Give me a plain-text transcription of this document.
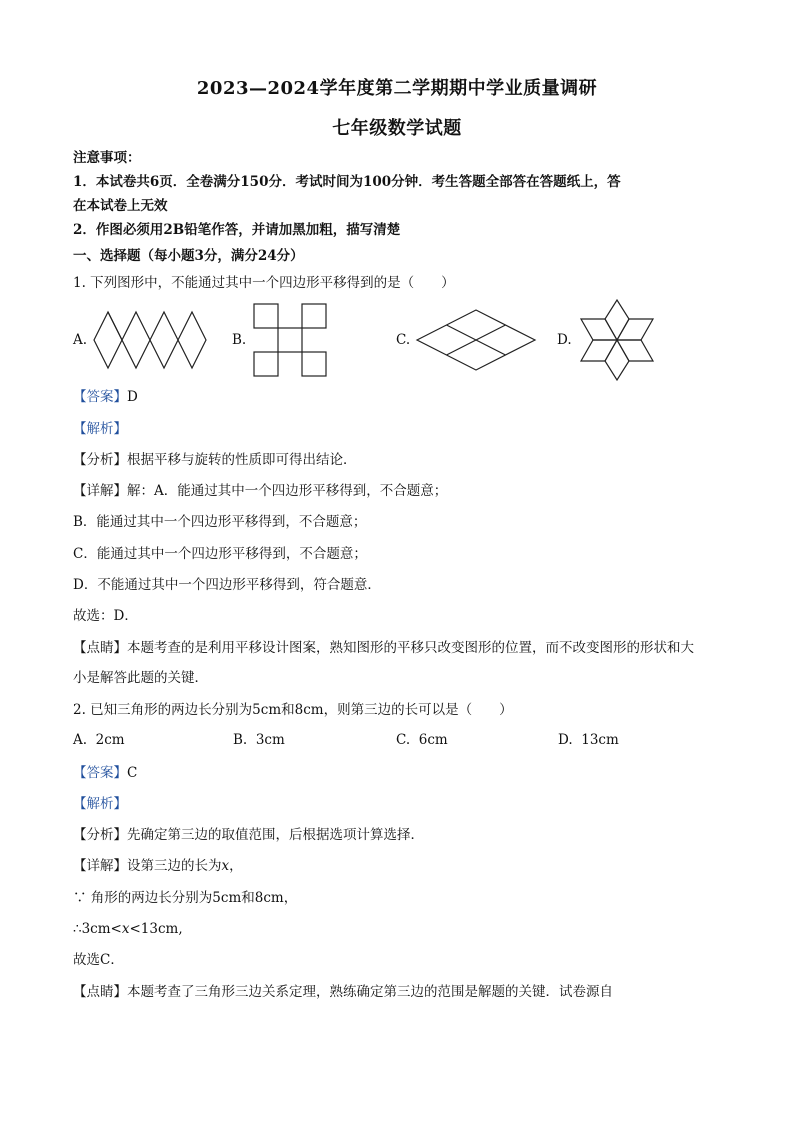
2023—2024学年度第二学期期中学业质量调研
七年级数学试题
注意事项：
1．本试卷共6页．全卷满分150分．考试时间为100分钟．考生答题全部答在答题纸上，答
在本试卷上无效
2．作图必须用2B铅笔作答，并请加黑加粗，描写清楚
一、选择题（每小题3分，满分24分）
1. 下列图形中，不能通过其中一个四边形平移得到的是（　　）
A.	B.	C.	D.
【答案】D
【解析】
【分析】根据平移与旋转的性质即可得出结论．
【详解】解：A．能通过其中一个四边形平移得到，不合题意；
B．能通过其中一个四边形平移得到，不合题意；
C．能通过其中一个四边形平移得到，不合题意；
D．不能通过其中一个四边形平移得到，符合题意．
故选：D．
【点睛】本题考查的是利用平移设计图案，熟知图形的平移只改变图形的位置，而不改变图形的形状和大
小是解答此题的关键．
2. 已知三角形的两边长分别为5cm和8cm，则第三边的长可以是（　　）
A. 2cm	B. 3cm	C. 6cm	D. 13cm
【答案】C
【解析】
【分析】先确定第三边的取值范围，后根据选项计算选择．
【详解】设第三边的长为x，
∵ 角形的两边长分别为5cm和8cm，
∴3cm<x<13cm,
故选C．
【点睛】本题考查了三角形三边关系定理，熟练确定第三边的范围是解题的关键．试卷源自
